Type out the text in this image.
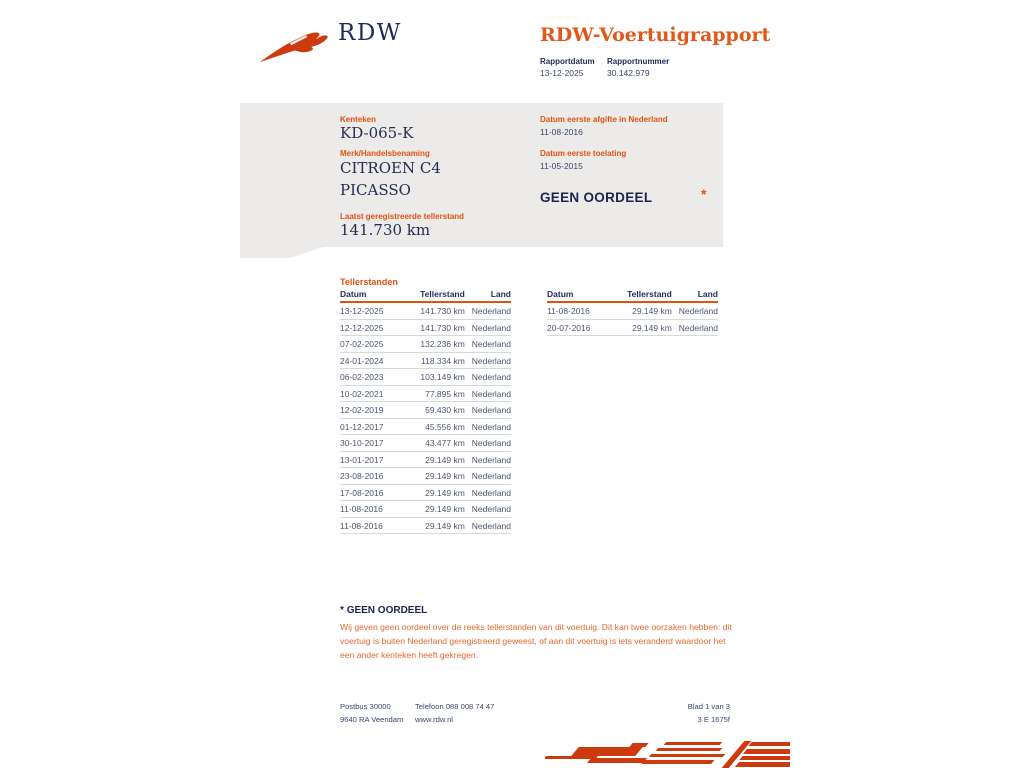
RDW	RDW-Voertuigrapport
Rapportdatum
13-12-2025
Rapportnummer
30.142.979
Kenteken
KD-065-K
Merk/Handelsbenaming
CITROEN C4
PICASSO
Laatst geregistreerde tellerstand
141.730 km
Datum eerste afgifte in Nederland
11-08-2016
Datum eerste toelating
11-05-2015
GEEN OORDEEL	*
Tellerstanden
Datum	Tellerstand	Land
13-12-2025	141.730 km	Nederland
12-12-2025	141.730 km	Nederland
07-02-2025	132.236 km	Nederland
24-01-2024	118.334 km	Nederland
06-02-2023	103.149 km	Nederland
10-02-2021	77.895 km	Nederland
12-02-2019	59.430 km	Nederland
01-12-2017	45.556 km	Nederland
30-10-2017	43.477 km	Nederland
13-01-2017	29.149 km	Nederland
23-08-2016	29.149 km	Nederland
17-08-2016	29.149 km	Nederland
11-08-2016	29.149 km	Nederland
11-08-2016	29.149 km	Nederland
Datum	Tellerstand	Land
11-08-2016	29.149 km	Nederland
20-07-2016	29.149 km	Nederland
* GEEN OORDEEL
Wij geven geen oordeel over de reeks tellerstanden van dit voertuig. Dit kan twee oorzaken hebben: dit voertuig is buiten Nederland geregistreerd geweest, of aan dit voertuig is iets veranderd waardoor het een ander kenteken heeft gekregen.
Postbus 30000
9640 RA Veendam
Telefoon 088 008 74 47
www.rdw.nl
Blad 1 van 3
3 E 1675f
